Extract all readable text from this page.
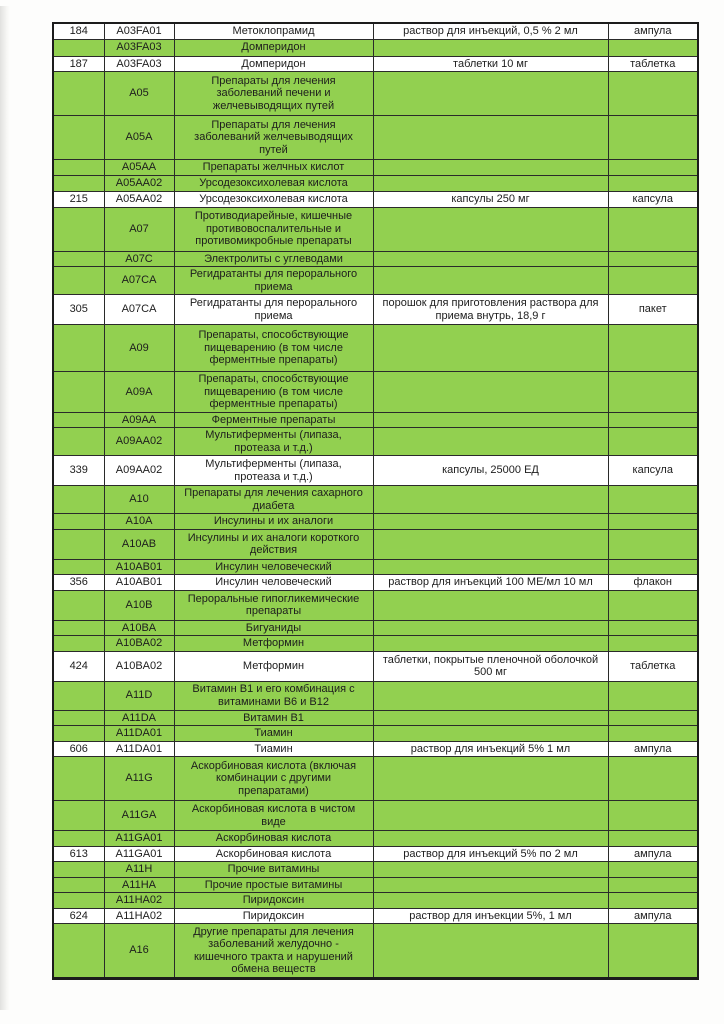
184	A03FA01	Метоклопрамид	раствор для инъекций, 0,5 % 2 мл	ампула
	A03FA03	Домперидон		
187	A03FA03	Домперидон	таблетки 10 мг	таблетка
	A05	Препараты для лечения заболеваний печени и желчевыводящих путей		
	A05A	Препараты для лечения заболеваний желчевыводящих путей		
	A05AA	Препараты желчных кислот		
	A05AA02	Урсодезоксихолевая кислота		
215	A05AA02	Урсодезоксихолевая кислота	капсулы 250 мг	капсула
	A07	Противодиарейные, кишечные противовоспалительные и противомикробные препараты		
	A07C	Электролиты с углеводами		
	A07CA	Регидратанты для перорального приема		
305	A07CA	Регидратанты для перорального приема	порошок для приготовления раствора для приема внутрь, 18,9 г	пакет
	A09	Препараты, способствующие пищеварению (в том числе ферментные препараты)		
	A09A	Препараты, способствующие пищеварению (в том числе ферментные препараты)		
	A09AA	Ферментные препараты		
	A09AA02	Мультиферменты (липаза, протеаза и т.д.)		
339	A09AA02	Мультиферменты (липаза, протеаза и т.д.)	капсулы, 25000 ЕД	капсула
	A10	Препараты для лечения сахарного диабета		
	A10A	Инсулины и их аналоги		
	A10AB	Инсулины и их аналоги короткого действия		
	A10AB01	Инсулин человеческий		
356	A10AB01	Инсулин человеческий	раствор для инъекций 100 МЕ/мл 10 мл	флакон
	A10B	Пероральные гипогликемические препараты		
	A10BA	Бигуаниды		
	A10BA02	Метформин		
424	A10BA02	Метформин	таблетки, покрытые пленочной оболочкой 500 мг	таблетка
	A11D	Витамин В1 и его комбинация с витаминами В6 и В12		
	A11DA	Витамин В1		
	A11DA01	Тиамин		
606	A11DA01	Тиамин	раствор для инъекций 5% 1 мл	ампула
	A11G	Аскорбиновая кислота (включая комбинации с другими препаратами)		
	A11GA	Аскорбиновая кислота в чистом виде		
	A11GA01	Аскорбиновая кислота		
613	A11GA01	Аскорбиновая кислота	раствор для инъекций 5% по 2 мл	ампула
	A11H	Прочие витамины		
	A11HA	Прочие простые витамины		
	A11HA02	Пиридоксин		
624	A11HA02	Пиридоксин	раствор для инъекции 5%, 1 мл	ампула
	A16	Другие препараты для лечения заболеваний желудочно - кишечного тракта и нарушений обмена веществ		
